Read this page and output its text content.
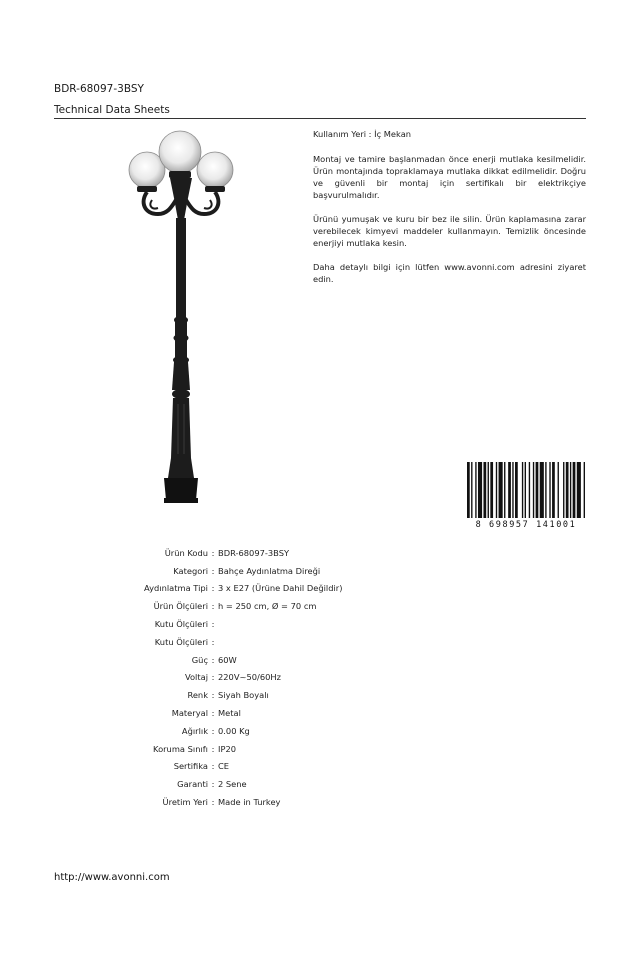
BDR-68097-3BSY
Technical Data Sheets

Kullanım Yeri : İç Mekan

Montaj ve tamire başlanmadan önce enerji mutlaka kesilmelidir. Ürün montajında topraklamaya mutlaka dikkat edilmelidir. Doğru ve güvenli bir montaj için sertifikalı bir elektrikçiye başvurulmalıdır.

Ürünü yumuşak ve kuru bir bez ile silin. Ürün kaplamasına zarar verebilecek kimyevi maddeler kullanmayın. Temizlik öncesinde enerjiyi mutlaka kesin.

Daha detaylı bilgi için lütfen www.avonni.com adresini ziyaret edin.

8 698957 141001
Ürün Kodu : BDR-68097-3BSY
Kategori : Bahçe Aydınlatma Direği
Aydınlatma Tipi : 3 x E27 (Ürüne Dahil Değildir)
Ürün Ölçüleri : h = 250 cm, Ø = 70 cm
Kutu Ölçüleri :
Kutu Ölçüleri :
Güç : 60W
Voltaj : 220V~50/60Hz
Renk : Siyah Boyalı
Materyal : Metal
Ağırlık : 0.00 Kg
Koruma Sınıfı : IP20
Sertifika : CE
Garanti : 2 Sene
Üretim Yeri : Made in Turkey
http://www.avonni.com
